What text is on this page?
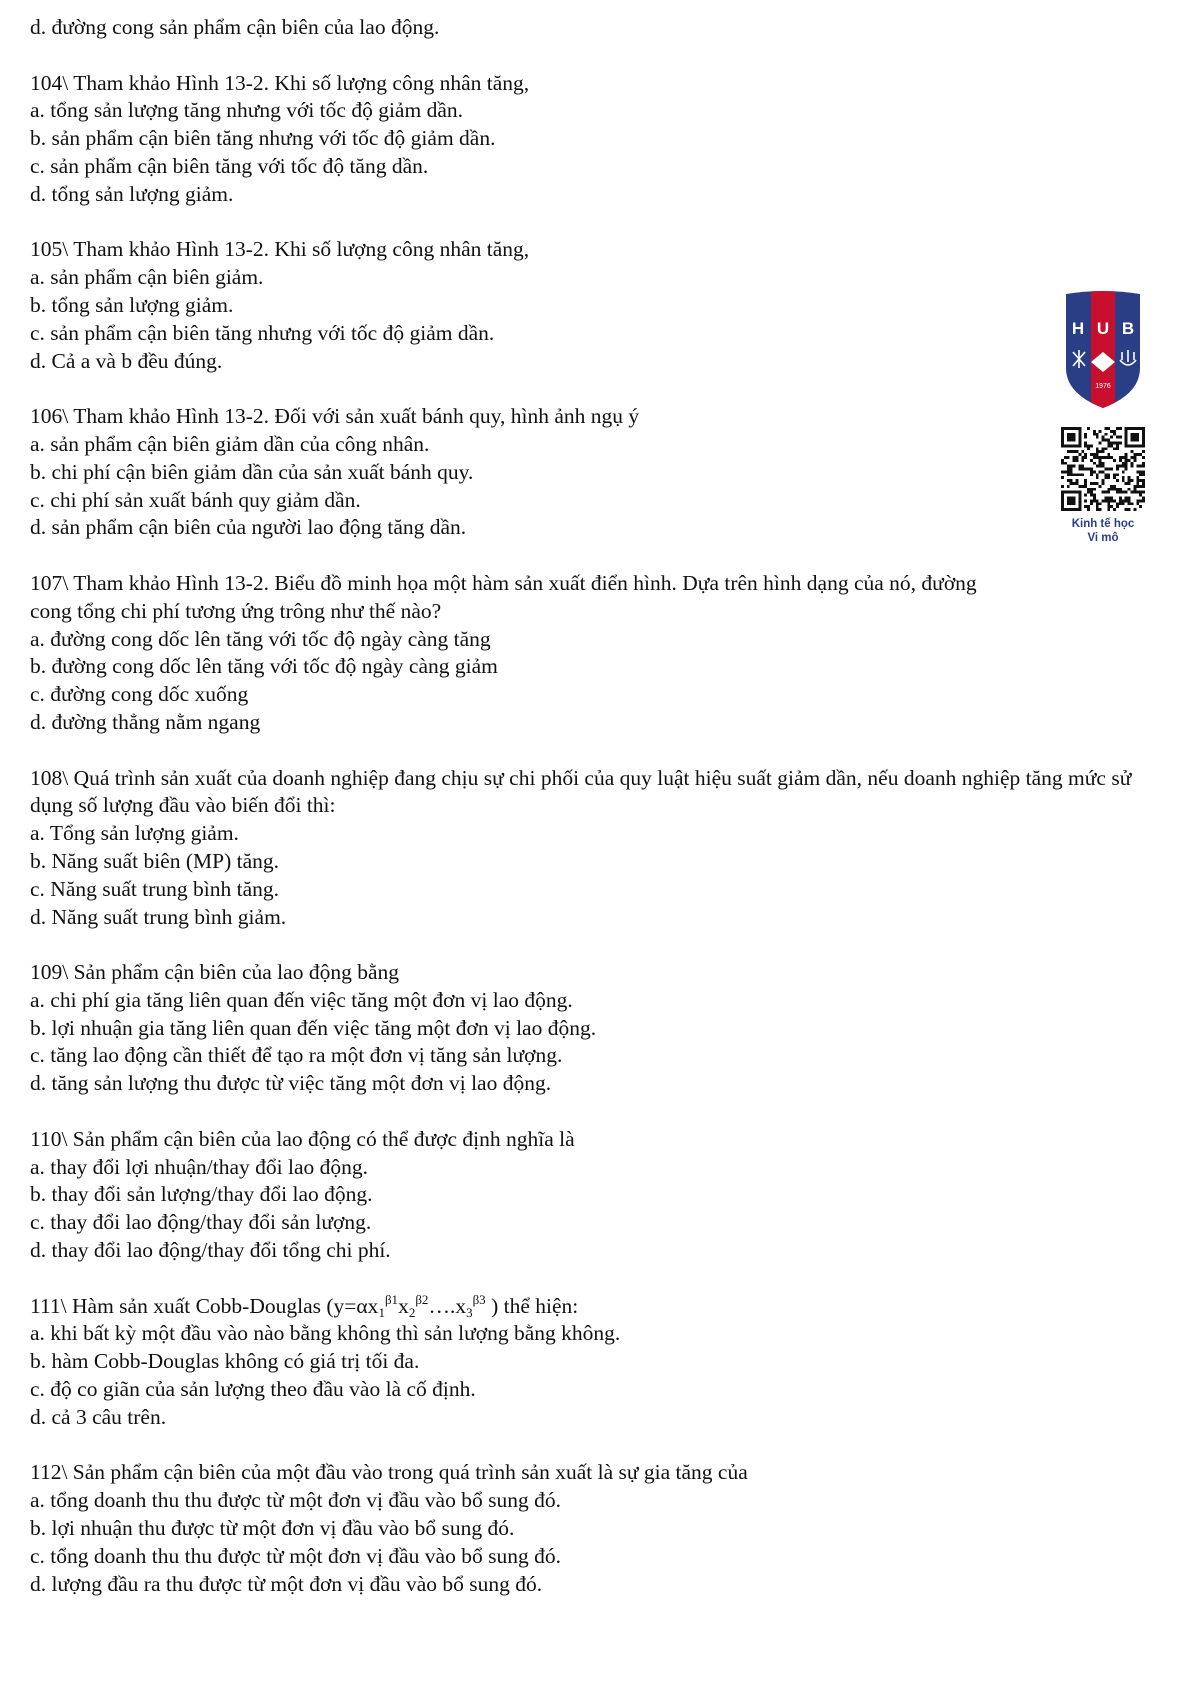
d. đường cong sản phẩm cận biên của lao động.
104\ Tham khảo Hình 13-2. Khi số lượng công nhân tăng,
a. tổng sản lượng tăng nhưng với tốc độ giảm dần.
b. sản phẩm cận biên tăng nhưng với tốc độ giảm dần.
c. sản phẩm cận biên tăng với tốc độ tăng dần.
d. tổng sản lượng giảm.
105\ Tham khảo Hình 13-2. Khi số lượng công nhân tăng,
a. sản phẩm cận biên giảm.
b. tổng sản lượng giảm.
c. sản phẩm cận biên tăng nhưng với tốc độ giảm dần.
d. Cả a và b đều đúng.
106\ Tham khảo Hình 13-2. Đối với sản xuất bánh quy, hình ảnh ngụ ý
a. sản phẩm cận biên giảm dần của công nhân.
b. chi phí cận biên giảm dần của sản xuất bánh quy.
c. chi phí sản xuất bánh quy giảm dần.
d. sản phẩm cận biên của người lao động tăng dần.
107\ Tham khảo Hình 13-2. Biểu đồ minh họa một hàm sản xuất điển hình. Dựa trên hình dạng của nó, đường cong tổng chi phí tương ứng trông như thế nào?
a. đường cong dốc lên tăng với tốc độ ngày càng tăng
b. đường cong dốc lên tăng với tốc độ ngày càng giảm
c. đường cong dốc xuống
d. đường thẳng nằm ngang
108\ Quá trình sản xuất của doanh nghiệp đang chịu sự chi phối của quy luật hiệu suất giảm dần, nếu doanh nghiệp tăng mức sử dụng số lượng đầu vào biến đổi thì:
a. Tổng sản lượng giảm.
b. Năng suất biên (MP) tăng.
c. Năng suất trung bình tăng.
d. Năng suất trung bình giảm.
109\ Sản phẩm cận biên của lao động bằng
a. chi phí gia tăng liên quan đến việc tăng một đơn vị lao động.
b. lợi nhuận gia tăng liên quan đến việc tăng một đơn vị lao động.
c. tăng lao động cần thiết để tạo ra một đơn vị tăng sản lượng.
d. tăng sản lượng thu được từ việc tăng một đơn vị lao động.
110\ Sản phẩm cận biên của lao động có thể được định nghĩa là
a. thay đổi lợi nhuận/thay đổi lao động.
b. thay đổi sản lượng/thay đổi lao động.
c. thay đổi lao động/thay đổi sản lượng.
d. thay đổi lao động/thay đổi tổng chi phí.
111\ Hàm sản xuất Cobb-Douglas ($y=\alpha x_1^{\beta 1}x_2^{\beta 2}\dots.x_3^{\beta 3}$ ) thể hiện:
a. khi bất kỳ một đầu vào nào bằng không thì sản lượng bằng không.
b. hàm Cobb-Douglas không có giá trị tối đa.
c. độ co giãn của sản lượng theo đầu vào là cố định.
d. cả 3 câu trên.
112\ Sản phẩm cận biên của một đầu vào trong quá trình sản xuất là sự gia tăng của
a. tổng doanh thu thu được từ một đơn vị đầu vào bổ sung đó.
b. lợi nhuận thu được từ một đơn vị đầu vào bổ sung đó.
c. tổng doanh thu thu được từ một đơn vị đầu vào bổ sung đó.
d. lượng đầu ra thu được từ một đơn vị đầu vào bổ sung đó.
H U B
1976
Kinh tế học
Vi mô
